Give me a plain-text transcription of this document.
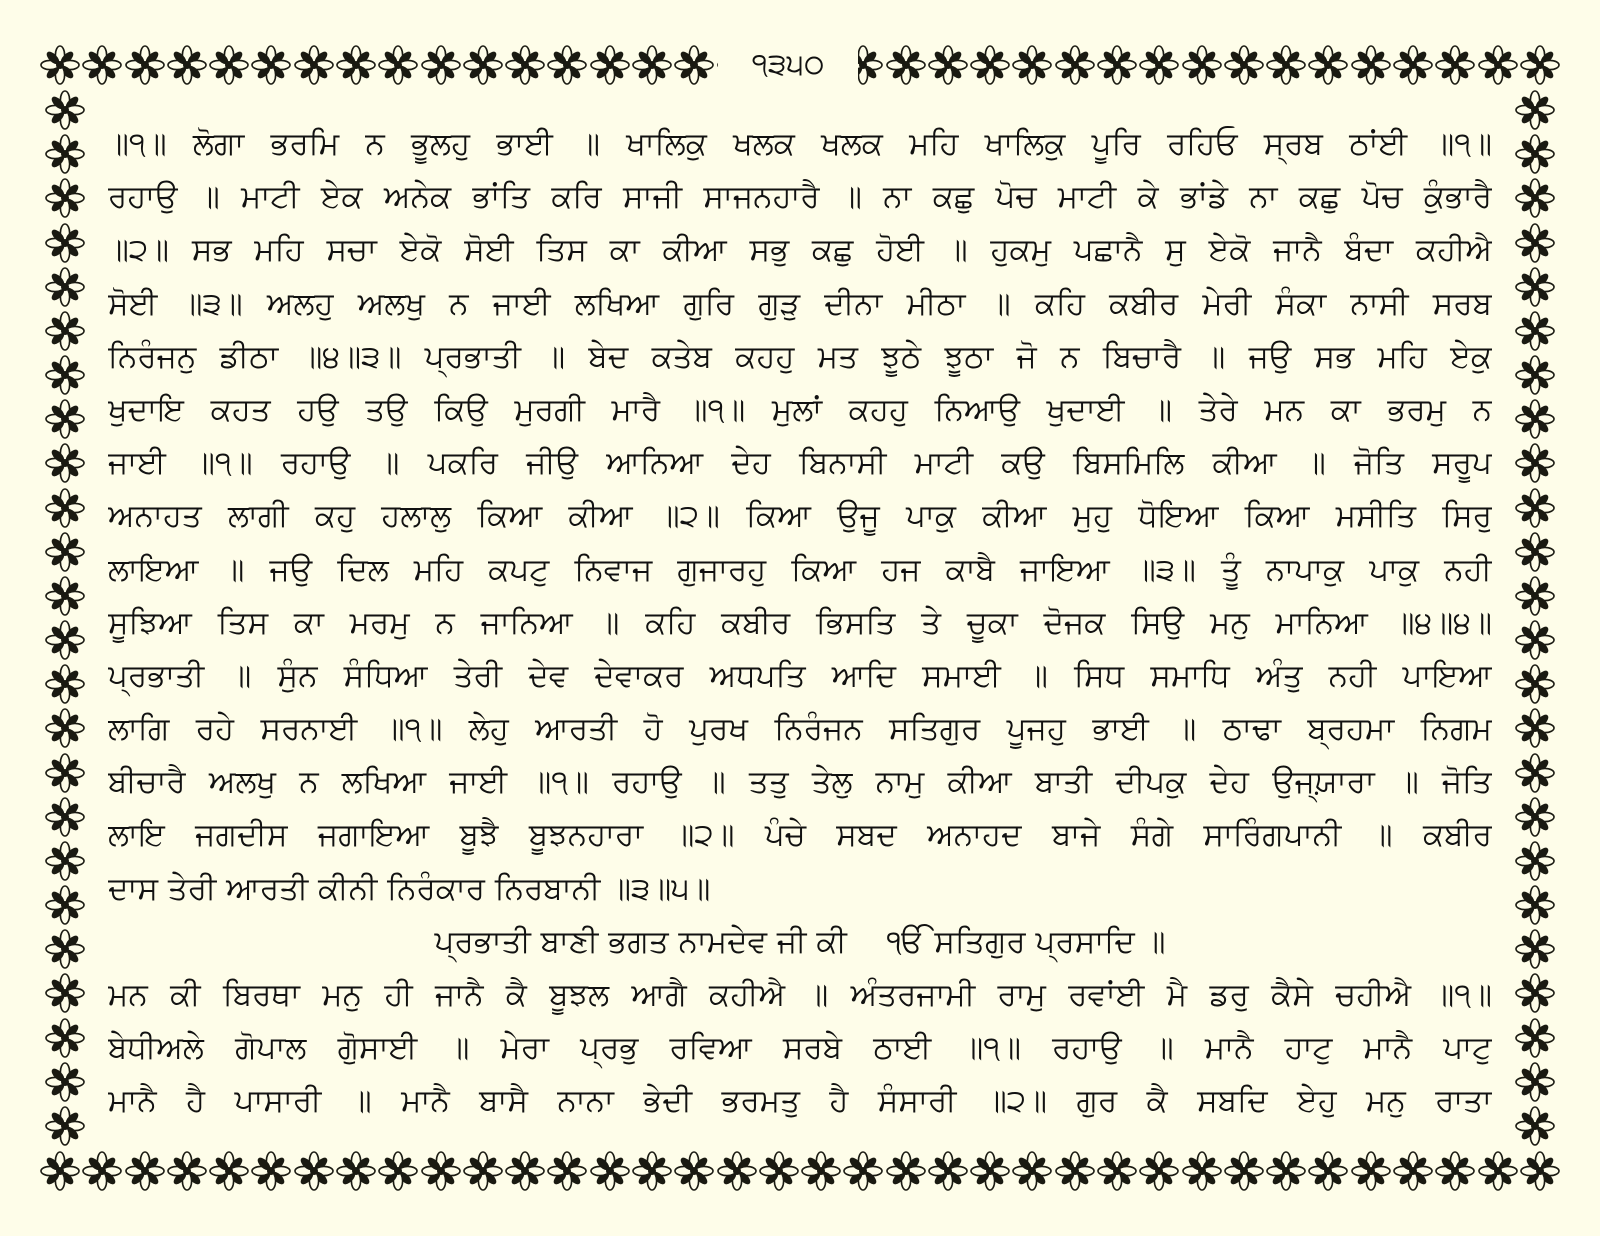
੧੩੫੦
॥੧॥ ਲੋਗਾ ਭਰਮਿ ਨ ਭੂਲਹੁ ਭਾਈ ॥ ਖਾਲਿਕੁ ਖਲਕ ਖਲਕ ਮਹਿ ਖਾਲਿਕੁ ਪੂਰਿ ਰਹਿਓ ਸ੍ਰਬ ਠਾਂਈ ॥੧॥
ਰਹਾਉ ॥ ਮਾਟੀ ਏਕ ਅਨੇਕ ਭਾਂਤਿ ਕਰਿ ਸਾਜੀ ਸਾਜਨਹਾਰੈ ॥ ਨਾ ਕਛੁ ਪੋਚ ਮਾਟੀ ਕੇ ਭਾਂਡੇ ਨਾ ਕਛੁ ਪੋਚ ਕੁੰਭਾਰੈ
॥੨॥ ਸਭ ਮਹਿ ਸਚਾ ਏਕੋ ਸੋਈ ਤਿਸ ਕਾ ਕੀਆ ਸਭੁ ਕਛੁ ਹੋਈ ॥ ਹੁਕਮੁ ਪਛਾਨੈ ਸੁ ਏਕੋ ਜਾਨੈ ਬੰਦਾ ਕਹੀਐ
ਸੋਈ ॥੩॥ ਅਲਹੁ ਅਲਖੁ ਨ ਜਾਈ ਲਖਿਆ ਗੁਰਿ ਗੁੜੁ ਦੀਨਾ ਮੀਠਾ ॥ ਕਹਿ ਕਬੀਰ ਮੇਰੀ ਸੰਕਾ ਨਾਸੀ ਸਰਬ
ਨਿਰੰਜਨੁ ਡੀਠਾ ॥੪॥੩॥ ਪ੍ਰਭਾਤੀ ॥ ਬੇਦ ਕਤੇਬ ਕਹਹੁ ਮਤ ਝੂਠੇ ਝੂਠਾ ਜੋ ਨ ਬਿਚਾਰੈ ॥ ਜਉ ਸਭ ਮਹਿ ਏਕੁ
ਖੁਦਾਇ ਕਹਤ ਹਉ ਤਉ ਕਿਉ ਮੁਰਗੀ ਮਾਰੈ ॥੧॥ ਮੁਲਾਂ ਕਹਹੁ ਨਿਆਉ ਖੁਦਾਈ ॥ ਤੇਰੇ ਮਨ ਕਾ ਭਰਮੁ ਨ
ਜਾਈ ॥੧॥ ਰਹਾਉ ॥ ਪਕਰਿ ਜੀਉ ਆਨਿਆ ਦੇਹ ਬਿਨਾਸੀ ਮਾਟੀ ਕਉ ਬਿਸਮਿਲਿ ਕੀਆ ॥ ਜੋਤਿ ਸਰੂਪ
ਅਨਾਹਤ ਲਾਗੀ ਕਹੁ ਹਲਾਲੁ ਕਿਆ ਕੀਆ ॥੨॥ ਕਿਆ ਉਜੂ ਪਾਕੁ ਕੀਆ ਮੁਹੁ ਧੋਇਆ ਕਿਆ ਮਸੀਤਿ ਸਿਰੁ
ਲਾਇਆ ॥ ਜਉ ਦਿਲ ਮਹਿ ਕਪਟੁ ਨਿਵਾਜ ਗੁਜਾਰਹੁ ਕਿਆ ਹਜ ਕਾਬੈ ਜਾਇਆ ॥੩॥ ਤੂੰ ਨਾਪਾਕੁ ਪਾਕੁ ਨਹੀ
ਸੂਝਿਆ ਤਿਸ ਕਾ ਮਰਮੁ ਨ ਜਾਨਿਆ ॥ ਕਹਿ ਕਬੀਰ ਭਿਸਤਿ ਤੇ ਚੂਕਾ ਦੋਜਕ ਸਿਉ ਮਨੁ ਮਾਨਿਆ ॥੪॥੪॥
ਪ੍ਰਭਾਤੀ ॥ ਸੁੰਨ ਸੰਧਿਆ ਤੇਰੀ ਦੇਵ ਦੇਵਾਕਰ ਅਧਪਤਿ ਆਦਿ ਸਮਾਈ ॥ ਸਿਧ ਸਮਾਧਿ ਅੰਤੁ ਨਹੀ ਪਾਇਆ
ਲਾਗਿ ਰਹੇ ਸਰਨਾਈ ॥੧॥ ਲੇਹੁ ਆਰਤੀ ਹੋ ਪੁਰਖ ਨਿਰੰਜਨ ਸਤਿਗੁਰ ਪੂਜਹੁ ਭਾਈ ॥ ਠਾਢਾ ਬ੍ਰਹਮਾ ਨਿਗਮ
ਬੀਚਾਰੈ ਅਲਖੁ ਨ ਲਖਿਆ ਜਾਈ ॥੧॥ ਰਹਾਉ ॥ ਤਤੁ ਤੇਲੁ ਨਾਮੁ ਕੀਆ ਬਾਤੀ ਦੀਪਕੁ ਦੇਹ ਉਜ੍ਯ਼ਾਰਾ ॥ ਜੋਤਿ
ਲਾਇ ਜਗਦੀਸ ਜਗਾਇਆ ਬੂਝੈ ਬੂਝਨਹਾਰਾ ॥੨॥ ਪੰਚੇ ਸਬਦ ਅਨਾਹਦ ਬਾਜੇ ਸੰਗੇ ਸਾਰਿੰਗਪਾਨੀ ॥ ਕਬੀਰ
ਦਾਸ ਤੇਰੀ ਆਰਤੀ ਕੀਨੀ ਨਿਰੰਕਾਰ ਨਿਰਬਾਨੀ ॥੩॥੫॥
ਪ੍ਰਭਾਤੀ ਬਾਣੀ ਭਗਤ ਨਾਮਦੇਵ ਜੀ ਕੀ ੴ ਸਤਿਗੁਰ ਪ੍ਰਸਾਦਿ ॥
ਮਨ ਕੀ ਬਿਰਥਾ ਮਨੁ ਹੀ ਜਾਨੈ ਕੈ ਬੂਝਲ ਆਗੈ ਕਹੀਐ ॥ ਅੰਤਰਜਾਮੀ ਰਾਮੁ ਰਵਾਂਈ ਮੈ ਡਰੁ ਕੈਸੇ ਚਹੀਐ ॥੧॥
ਬੇਧੀਅਲੇ ਗੋਪਾਲ ਗੋੁਸਾਈ ॥ ਮੇਰਾ ਪ੍ਰਭੁ ਰਵਿਆ ਸਰਬੇ ਠਾਈ ॥੧॥ ਰਹਾਉ ॥ ਮਾਨੈ ਹਾਟੁ ਮਾਨੈ ਪਾਟੁ
ਮਾਨੈ ਹੈ ਪਾਸਾਰੀ ॥ ਮਾਨੈ ਬਾਸੈ ਨਾਨਾ ਭੇਦੀ ਭਰਮਤੁ ਹੈ ਸੰਸਾਰੀ ॥੨॥ ਗੁਰ ਕੈ ਸਬਦਿ ਏਹੁ ਮਨੁ ਰਾਤਾ
